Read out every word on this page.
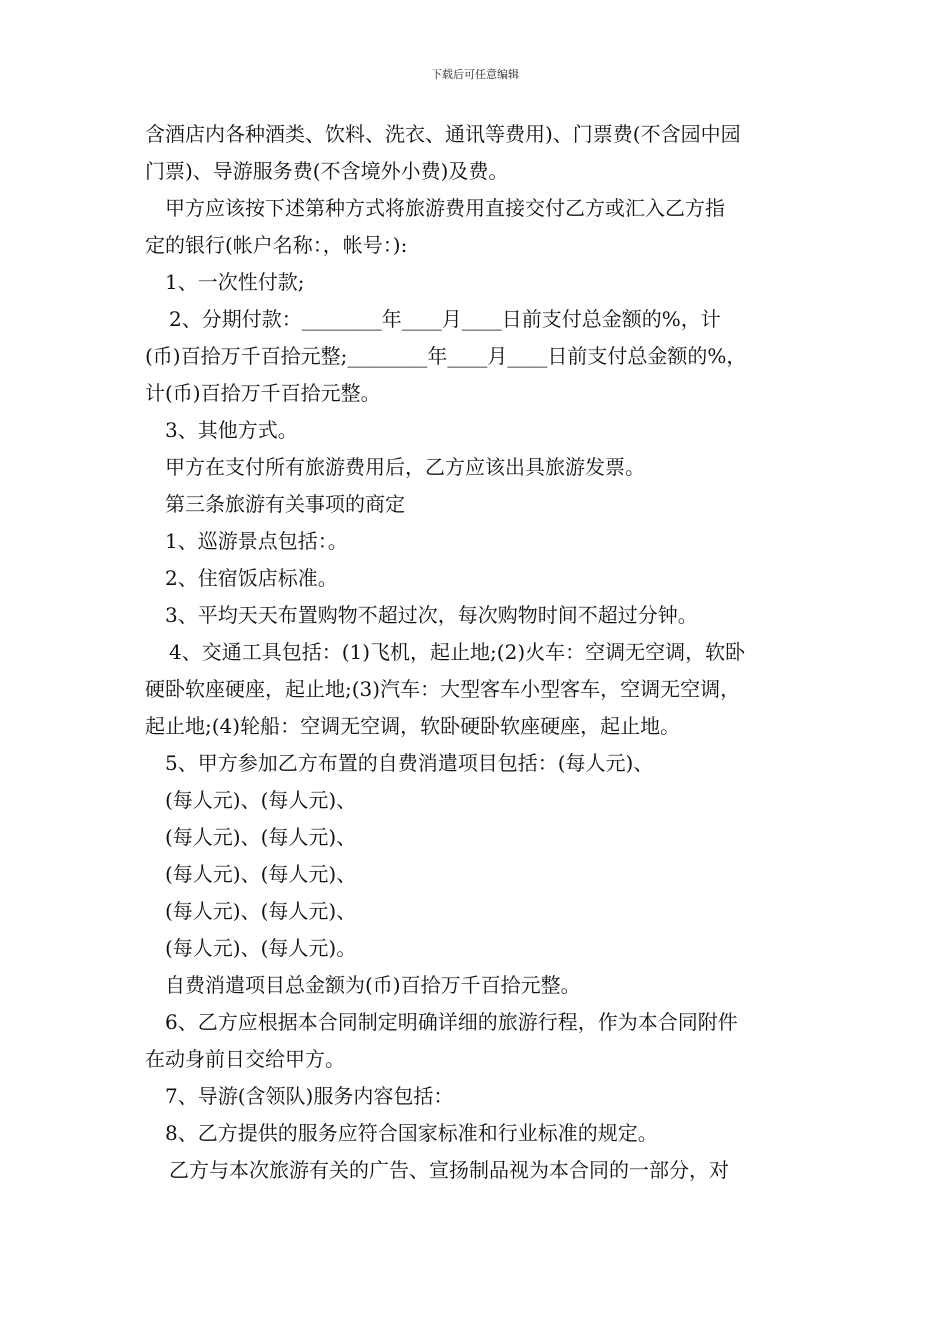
下载后可任意编辑
含酒店内各种酒类、饮料、洗衣、通讯等费用)、门票费(不含园中园
门票)、导游服务费(不含境外小费)及费。
甲方应该按下述第种方式将旅游费用直接交付乙方或汇入乙方指
定的银行(帐户名称：，帐号：):
1、一次性付款;
2、分期付款：________年____月____日前支付总金额的%，计
(币)百拾万千百拾元整;________年____月____日前支付总金额的%，
计(币)百拾万千百拾元整。
3、其他方式。
甲方在支付所有旅游费用后，乙方应该出具旅游发票。
第三条旅游有关事项的商定
1、巡游景点包括：。
2、住宿饭店标准。
3、平均天天布置购物不超过次，每次购物时间不超过分钟。
4、交通工具包括：(1)飞机，起止地;(2)火车：空调无空调，软卧
硬卧软座硬座，起止地;(3)汽车：大型客车小型客车，空调无空调，
起止地;(4)轮船：空调无空调，软卧硬卧软座硬座，起止地。
5、甲方参加乙方布置的自费消遣项目包括：(每人元)、
(每人元)、(每人元)、
(每人元)、(每人元)、
(每人元)、(每人元)、
(每人元)、(每人元)、
(每人元)、(每人元)。
自费消遣项目总金额为(币)百拾万千百拾元整。
6、乙方应根据本合同制定明确详细的旅游行程，作为本合同附件
在动身前日交给甲方。
7、导游(含领队)服务内容包括：
8、乙方提供的服务应符合国家标准和行业标准的规定。
乙方与本次旅游有关的广告、宣扬制品视为本合同的一部分，对
